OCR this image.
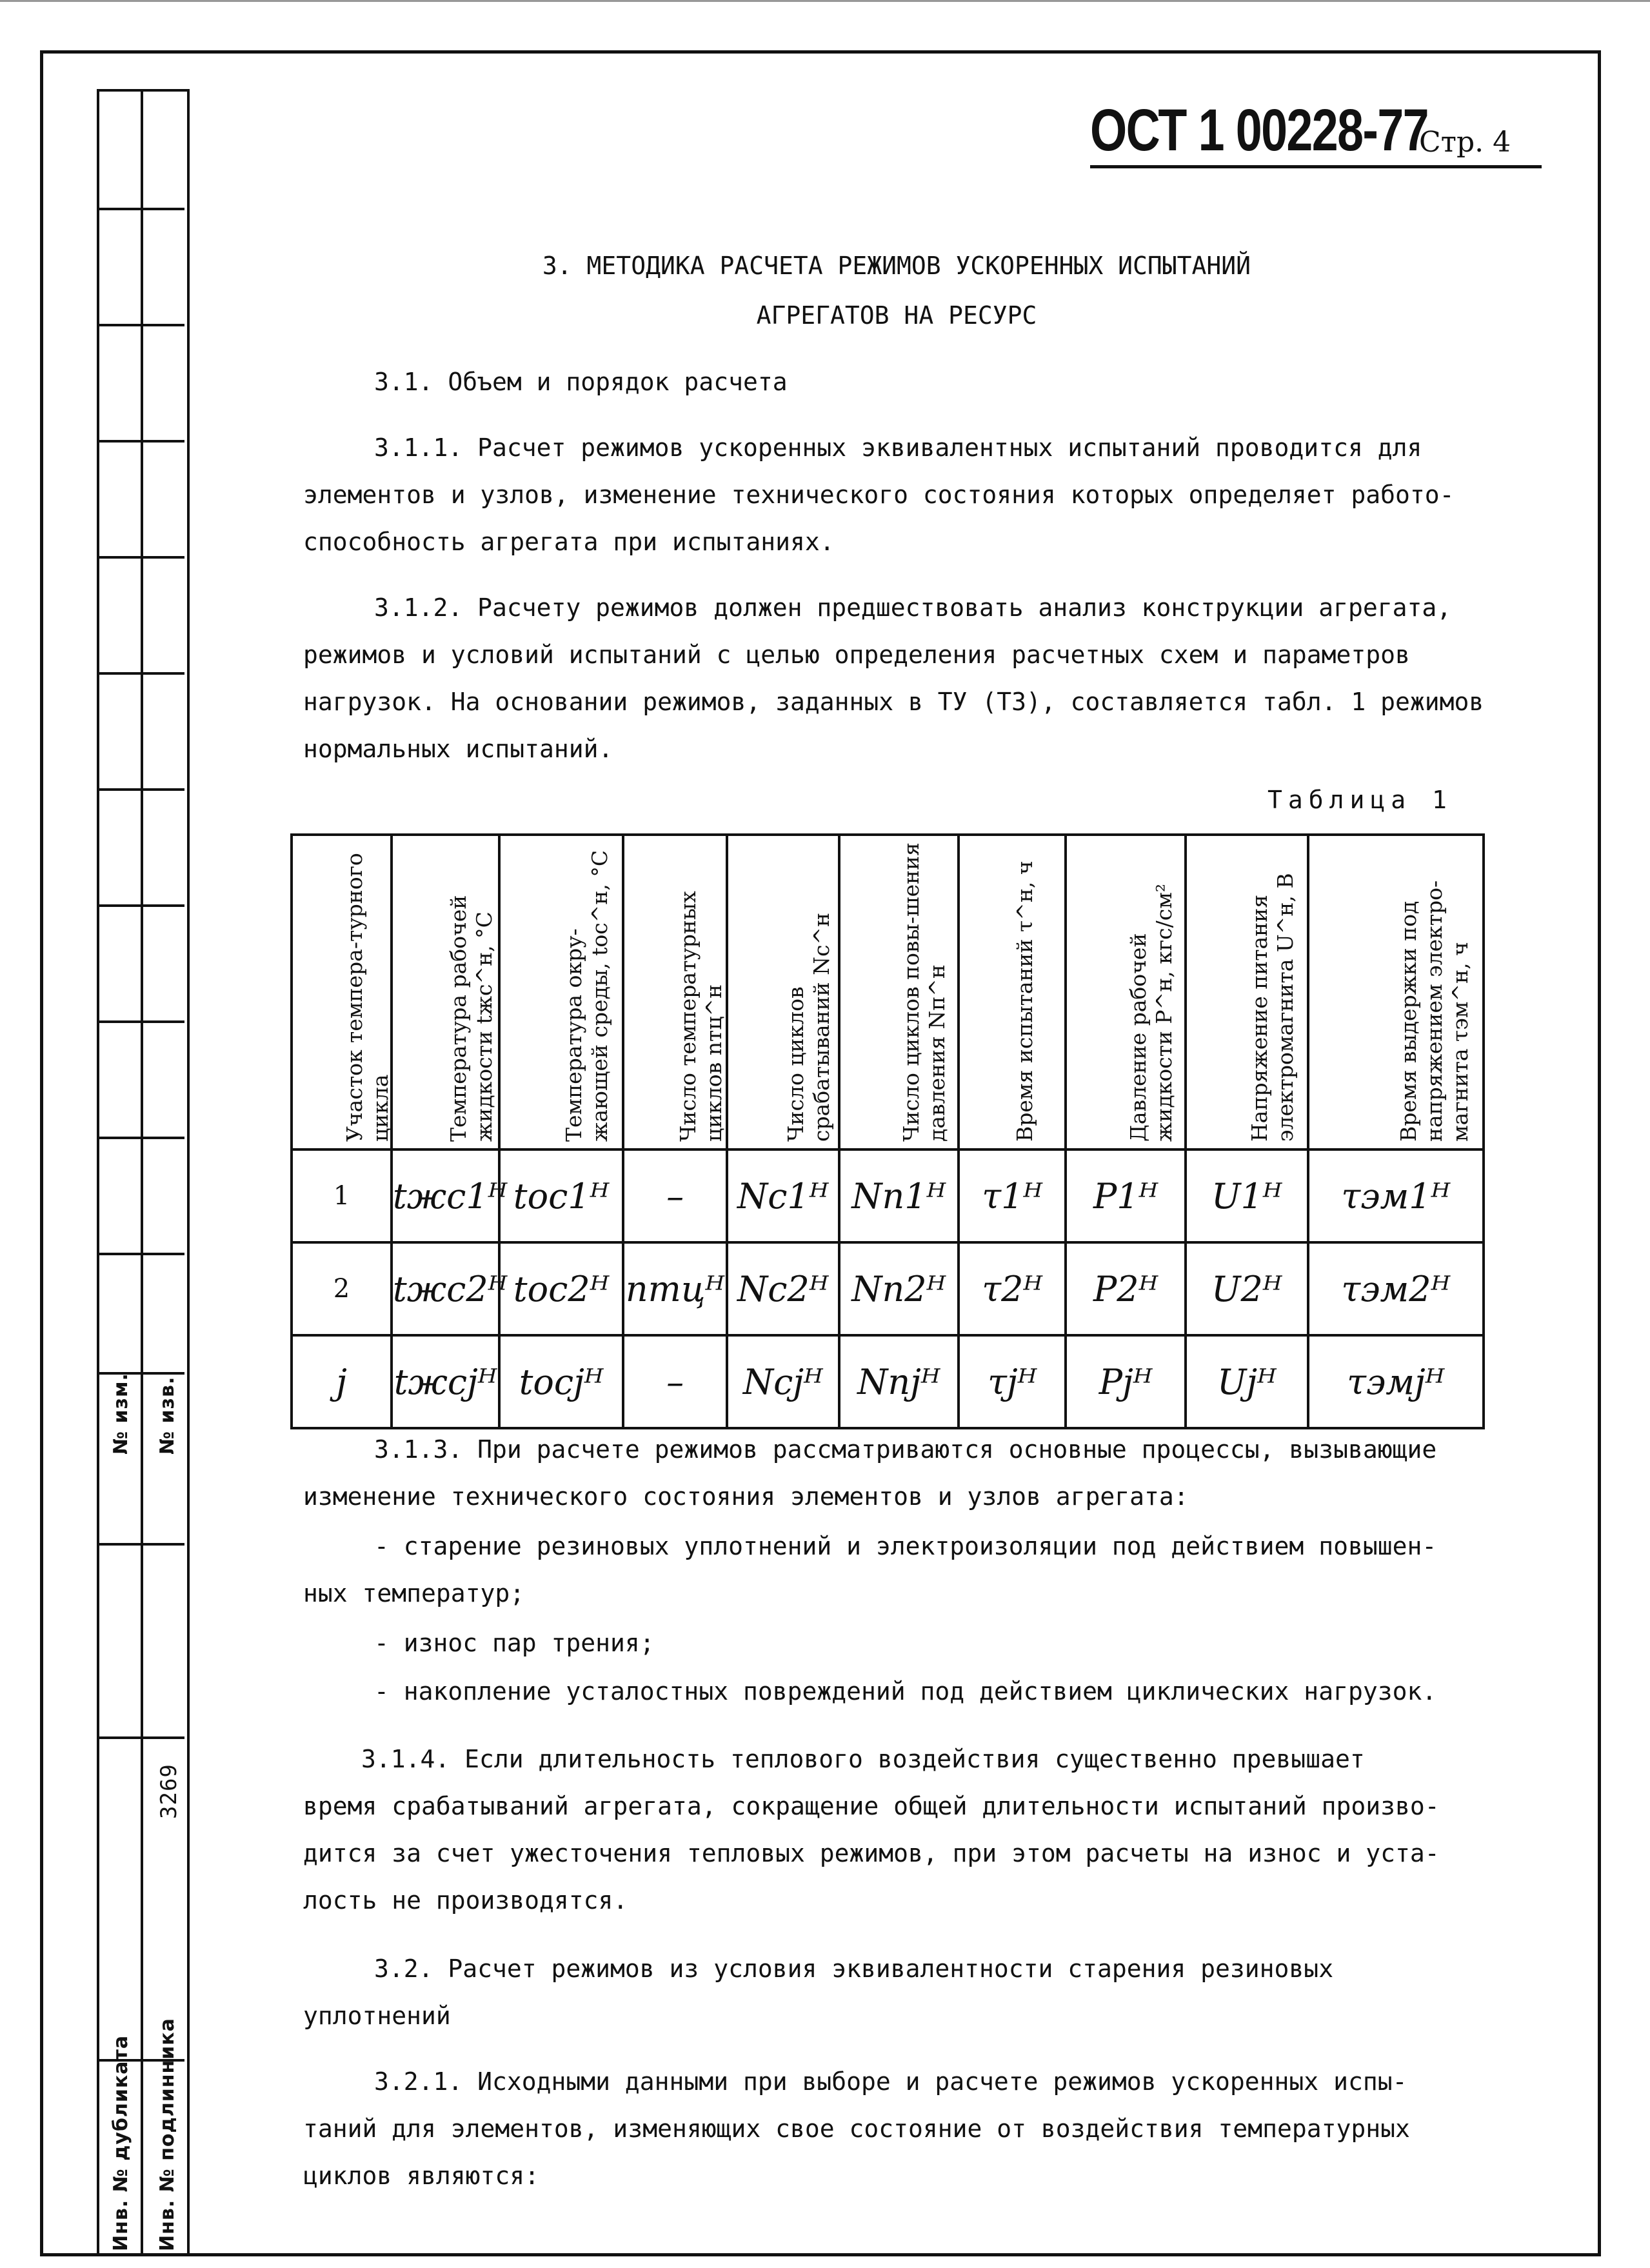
№ изм. № изв.
Инв. № дубликата Инв. № подлинника
3269
ОСТ 1 00228-77
Стр. 4
3. МЕТОДИКА РАСЧЕТА РЕЖИМОВ УСКОРЕННЫХ ИСПЫТАНИЙ
АГРЕГАТОВ НА РЕСУРС
3.1. Объем и порядок расчета
3.1.1. Расчет режимов ускоренных эквивалентных испытаний проводится для
элементов и узлов, изменение технического состояния которых определяет работо-
способность агрегата при испытаниях.
3.1.2. Расчету режимов должен предшествовать анализ конструкции агрегата,
режимов и условий испытаний с целью определения расчетных схем и параметров
нагрузок. На основании режимов, заданных в ТУ (ТЗ), составляется табл. 1 режимов
нормальных испытаний.
Таблица 1
Участок темпера-турного цикла	Температура рабочей жидкости tжс^н, °С	Температура окру-жающей среды, tос^н, °С	Число температурных циклов nтц^н	Число циклов срабатываний Nc^н	Число циклов повы-шения давления Nп^н	Время испытаний τ^н, ч	Давление рабочей жидкости P^н, кгс/см²	Напряжение питания электромагнита U^н, В	Время выдержки под напряжением электро-магнита τэм^н, ч

1	tжс1ᴴ	tос1ᴴ	–	Nc1ᴴ	Nп1ᴴ	τ1ᴴ	P1ᴴ	U1ᴴ	τэм1ᴴ
2	tжс2ᴴ	tос2ᴴ	nтцᴴ	Nc2ᴴ	Nп2ᴴ	τ2ᴴ	P2ᴴ	U2ᴴ	τэм2ᴴ
j	tжсjᴴ	tосjᴴ	–	Ncjᴴ	Nпjᴴ	τjᴴ	Pjᴴ	Ujᴴ	τэмjᴴ
3.1.3. При расчете режимов рассматриваются основные процессы, вызывающие
изменение технического состояния элементов и узлов агрегата:
- старение резиновых уплотнений и электроизоляции под действием повышен-
ных температур;
- износ пар трения;
- накопление усталостных повреждений под действием циклических нагрузок.
3.1.4. Если длительность теплового воздействия существенно превышает
время срабатываний агрегата, сокращение общей длительности испытаний произво-
дится за счет ужесточения тепловых режимов, при этом расчеты на износ и уста-
лость не производятся.
3.2. Расчет режимов из условия эквивалентности старения резиновых
уплотнений
3.2.1. Исходными данными при выборе и расчете режимов ускоренных испы-
таний для элементов, изменяющих свое состояние от воздействия температурных
циклов являются:
